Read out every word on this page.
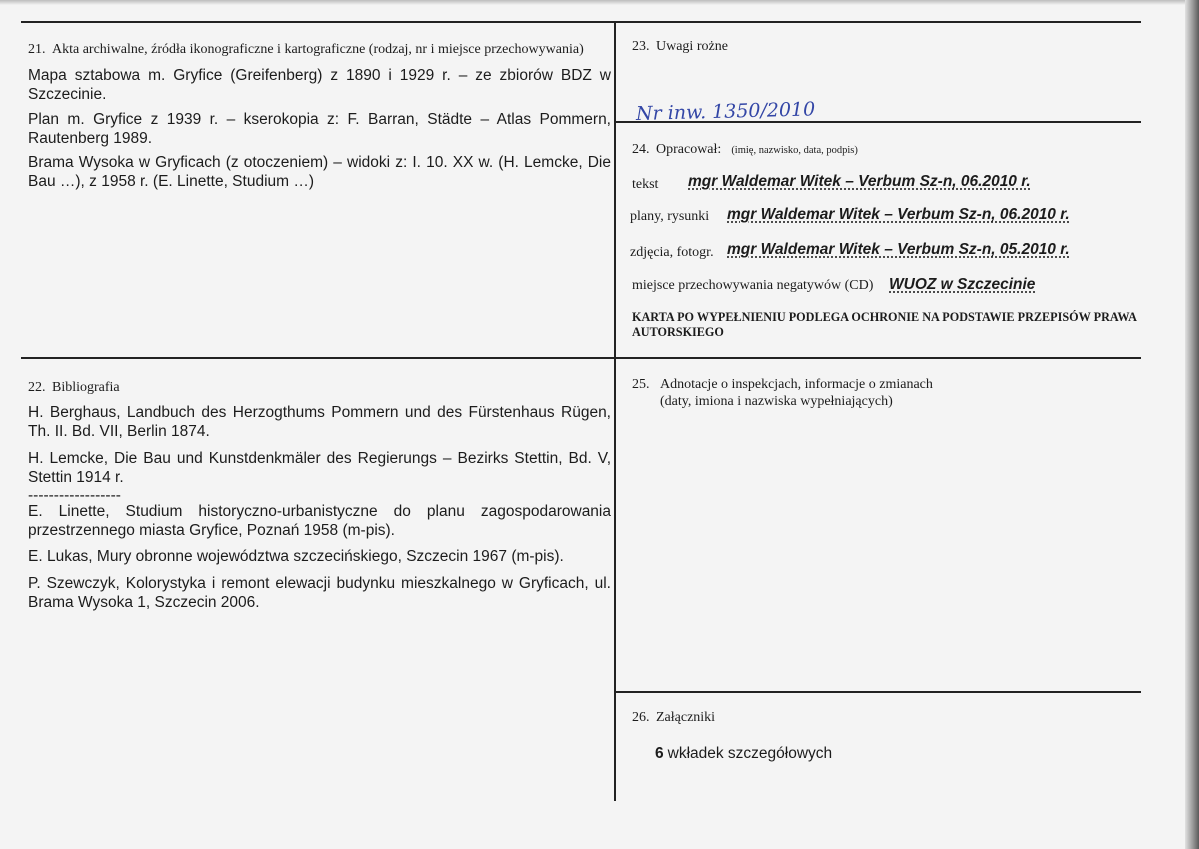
21. Akta archiwalne, źródła ikonograficzne i kartograficzne (rodzaj, nr i miejsce przechowywania)
Mapa sztabowa m. Gryfice (Greifenberg) z 1890 i 1929 r. – ze zbiorów BDZ w Szczecinie.
Plan m. Gryfice z 1939 r. – kserokopia z: F. Barran, Städte – Atlas Pommern, Rautenberg 1989.
Brama Wysoka w Gryficach (z otoczeniem) – widoki z: I. 10. XX w. (H. Lemcke, Die Bau …), z 1958 r. (E. Linette, Studium …)
22. Bibliografia
H. Berghaus, Landbuch des Herzogthums Pommern und des Fürstenhaus Rügen, Th. II. Bd. VII, Berlin 1874.
H. Lemcke, Die Bau und Kunstdenkmäler des Regierungs – Bezirks Stettin, Bd. V, Stettin 1914 r.
------------------
E. Linette, Studium historyczno-urbanistyczne do planu zagospodarowania przestrzennego miasta Gryfice, Poznań 1958 (m-pis).
E. Lukas, Mury obronne województwa szczecińskiego, Szczecin 1967 (m-pis).
P. Szewczyk, Kolorystyka i remont elewacji budynku mieszkalnego w Gryficach, ul. Brama Wysoka 1, Szczecin 2006.
23. Uwagi rożne
Nr inw. 1350/2010
24. Opracował: (imię, nazwisko, data, podpis)
tekst mgr Waldemar Witek – Verbum Sz-n, 06.2010 r.
plany, rysunki mgr Waldemar Witek – Verbum Sz-n, 06.2010 r.
zdjęcia, fotogr. mgr Waldemar Witek – Verbum Sz-n, 05.2010 r.
miejsce przechowywania negatywów (CD) WUOZ w Szczecinie
KARTA PO WYPEŁNIENIU PODLEGA OCHRONIE NA PODSTAWIE PRZEPISÓW PRAWA AUTORSKIEGO
25. Adnotacje o inspekcjach, informacje o zmianach
(daty, imiona i nazwiska wypełniających)
26. Załączniki
6 wkładek szczegółowych
